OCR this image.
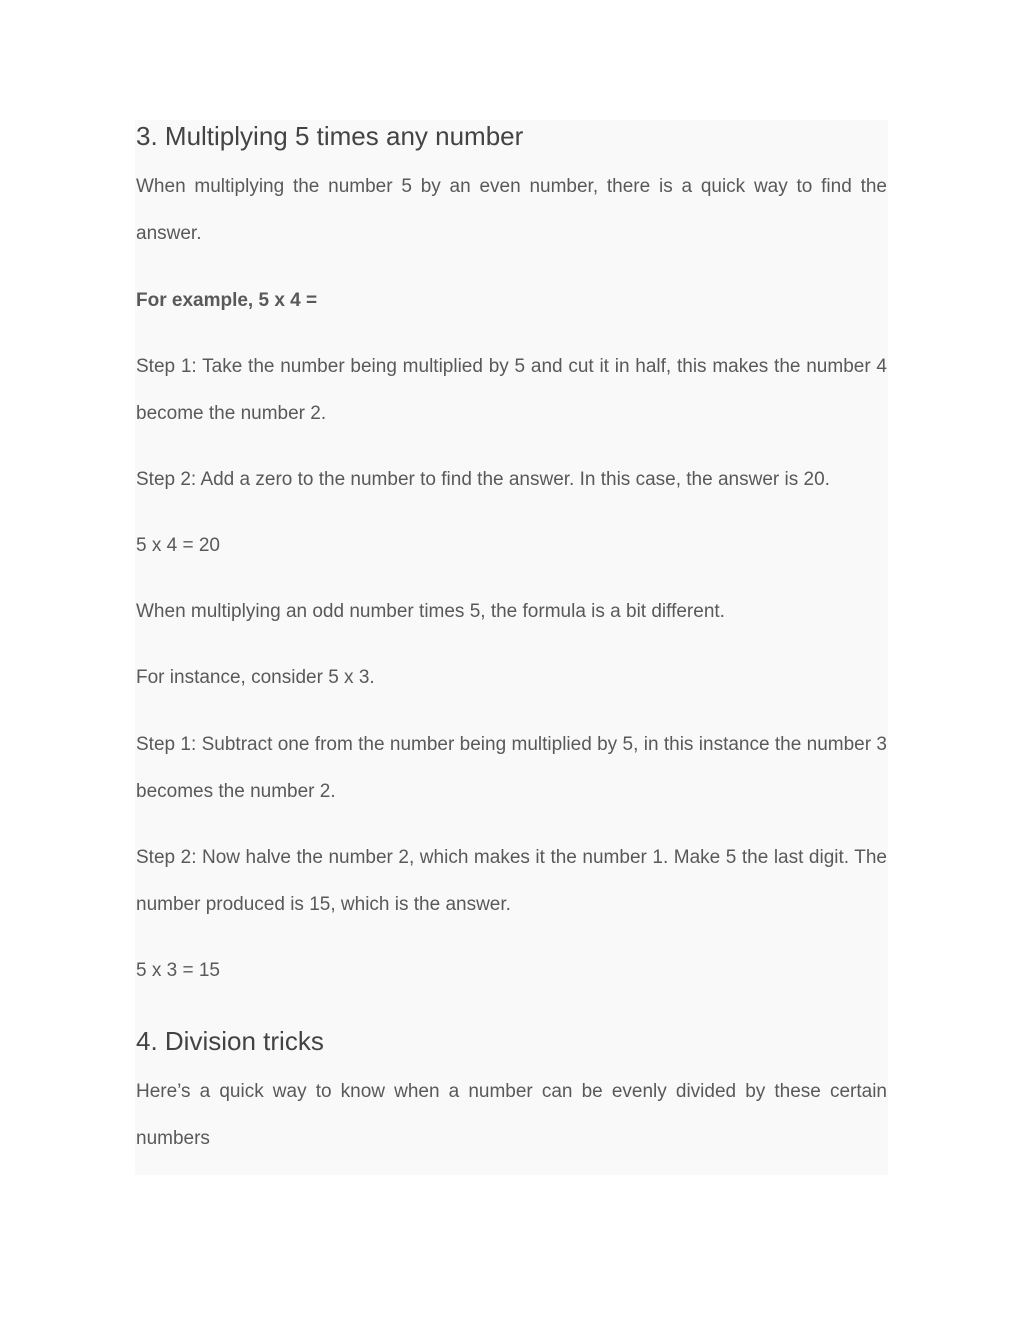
3. Multiplying 5 times any number

When multiplying the number 5 by an even number, there is a quick way to find the answer.

For example, 5 x 4 =

Step 1: Take the number being multiplied by 5 and cut it in half, this makes the number 4 become the number 2.

Step 2: Add a zero to the number to find the answer. In this case, the answer is 20.

5 x 4 = 20

When multiplying an odd number times 5, the formula is a bit different.

For instance, consider 5 x 3.

Step 1: Subtract one from the number being multiplied by 5, in this instance the number 3 becomes the number 2.

Step 2: Now halve the number 2, which makes it the number 1. Make 5 the last digit. The number produced is 15, which is the answer.

5 x 3 = 15

4. Division tricks

Here’s a quick way to know when a number can be evenly divided by these certain numbers
